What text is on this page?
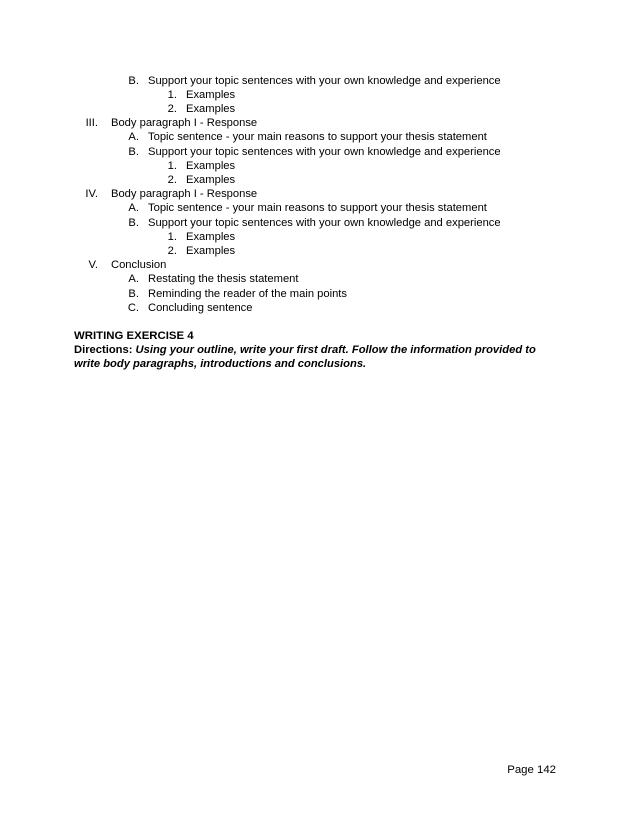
B. Support your topic sentences with your own knowledge and experience
1. Examples
2. Examples
III. Body paragraph I - Response
A. Topic sentence - your main reasons to support your thesis statement
B. Support your topic sentences with your own knowledge and experience
1. Examples
2. Examples
IV. Body paragraph I - Response
A. Topic sentence - your main reasons to support your thesis statement
B. Support your topic sentences with your own knowledge and experience
1. Examples
2. Examples
V. Conclusion
A. Restating the thesis statement
B. Reminding the reader of the main points
C. Concluding sentence
WRITING EXERCISE 4
Directions: Using your outline, write your first draft. Follow the information provided to write body paragraphs, introductions and conclusions.
Page 142
